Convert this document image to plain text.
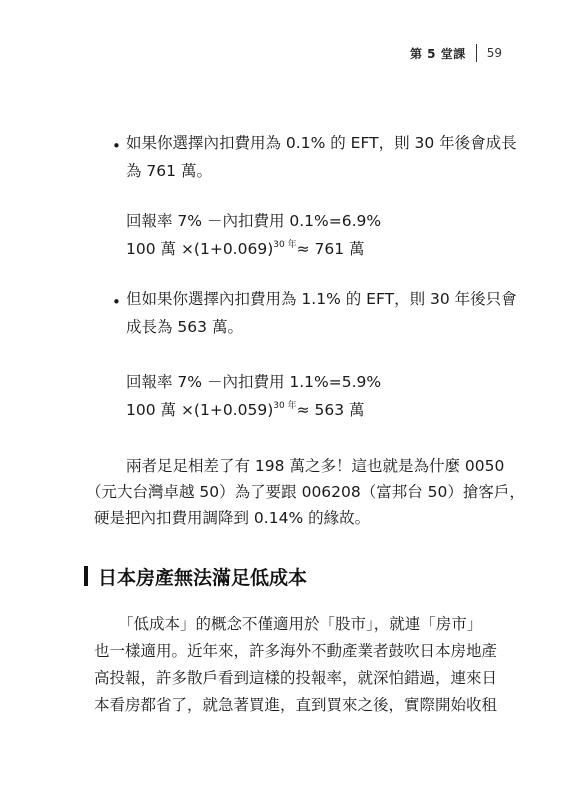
第 5 堂課 59
• 如果你選擇內扣費用為 0.1% 的 EFT，則 30 年後會成長
為 761 萬。
回報率 7% －內扣費用 0.1%=6.9%
100 萬 $\times(1+0.069)^{30 年}\approx 761$ 萬
• 但如果你選擇內扣費用為 1.1% 的 EFT，則 30 年後只會
成長為 563 萬。
回報率 7% －內扣費用 1.1%=5.9%
100 萬 $\times(1+0.059)^{30 年}\approx 563$ 萬
兩者足足相差了有 198 萬之多！這也就是為什麼 0050
（元大台灣卓越 50）為了要跟 006208（富邦台 50）搶客戶，
硬是把內扣費用調降到 0.14% 的緣故。
日本房產無法滿足低成本
「低成本」的概念不僅適用於「股市」，就連「房市」
也一樣適用。近年來，許多海外不動產業者鼓吹日本房地產
高投報，許多散戶看到這樣的投報率，就深怕錯過，連來日
本看房都省了，就急著買進，直到買來之後，實際開始收租
